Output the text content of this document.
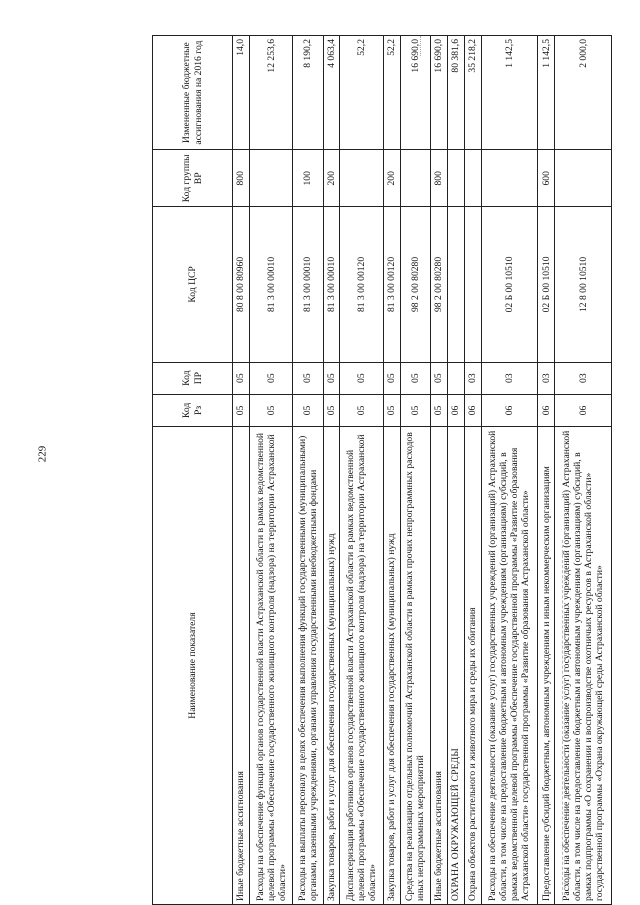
229
Наименование показателя	Код Рз	Код ПР	Код ЦСР	Код группы ВР	Измененные бюджетные ассигнования на 2016 год
Иные бюджетные ассигнования	05	05	80 8 00 80960	800	14,0
Расходы на обеспечение функций органов государственной власти Астраханской области в рамках ведомственной целевой программы «Обеспечение государственного жилищного контроля (надзора) на территории Астраханской области»	05	05	81 3 00 00010		12 253,6
Расходы на выплаты персоналу в целях обеспечения выполнения функций государственными (муниципальными) органами, казенными учреждениями, органами управления государственными внебюджетными фондами	05	05	81 3 00 00010	100	8 190,2
Закупка товаров, работ и услуг для обеспечения государственных (муниципальных) нужд	05	05	81 3 00 00010	200	4 063,4
Диспансеризация работников органов государственной власти Астраханской области в рамках ведомственной целевой программы «Обеспечение государственного жилищного контроля (надзора) на территории Астраханской области»	05	05	81 3 00 00120		52,2
Закупка товаров, работ и услуг для обеспечения государственных (муниципальных) нужд	05	05	81 3 00 00120	200	52,2
Средства на реализацию отдельных полномочий Астраханской области в рамках прочих непрограммных расходов иных непрограммных мероприятий	05	05	98 2 00 80280		16 690,0
Иные бюджетные ассигнования	05	05	98 2 00 80280	800	16 690,0
ОХРАНА ОКРУЖАЮЩЕЙ СРЕДЫ	06				80 381,6
Охрана объектов растительного и животного мира и среды их обитания	06	03			35 218,2
Расходы на обеспечение деятельности (оказание услуг) государственных учреждений (организаций) Астраханской области, в том числе на предоставление бюджетным и автономным учреждениям (организациям) субсидий, в рамках ведомственной целевой программы «Обеспечение государственной программы «Развитие образования Астраханской области» государственной программы «Развитие образования Астраханской области»	06	03	02 Б 00 10510		1 142,5
Предоставление субсидий бюджетным, автономным учреждениям и иным некоммерческим организациям	06	03	02 Б 00 10510	600	1 142,5
Расходы на обеспечение деятельности (оказание услуг) государственных учреждений (организаций) Астраханской области, в том числе на предоставление бюджетным и автономным учреждениям (организациям) субсидий, в рамках подпрограммы «О сохранении и воспроизводстве охотничьих ресурсов в Астраханской области» государственной программы «Охрана окружающей среды Астраханской области»	06	03	12 8 00 10510		2 000,0
